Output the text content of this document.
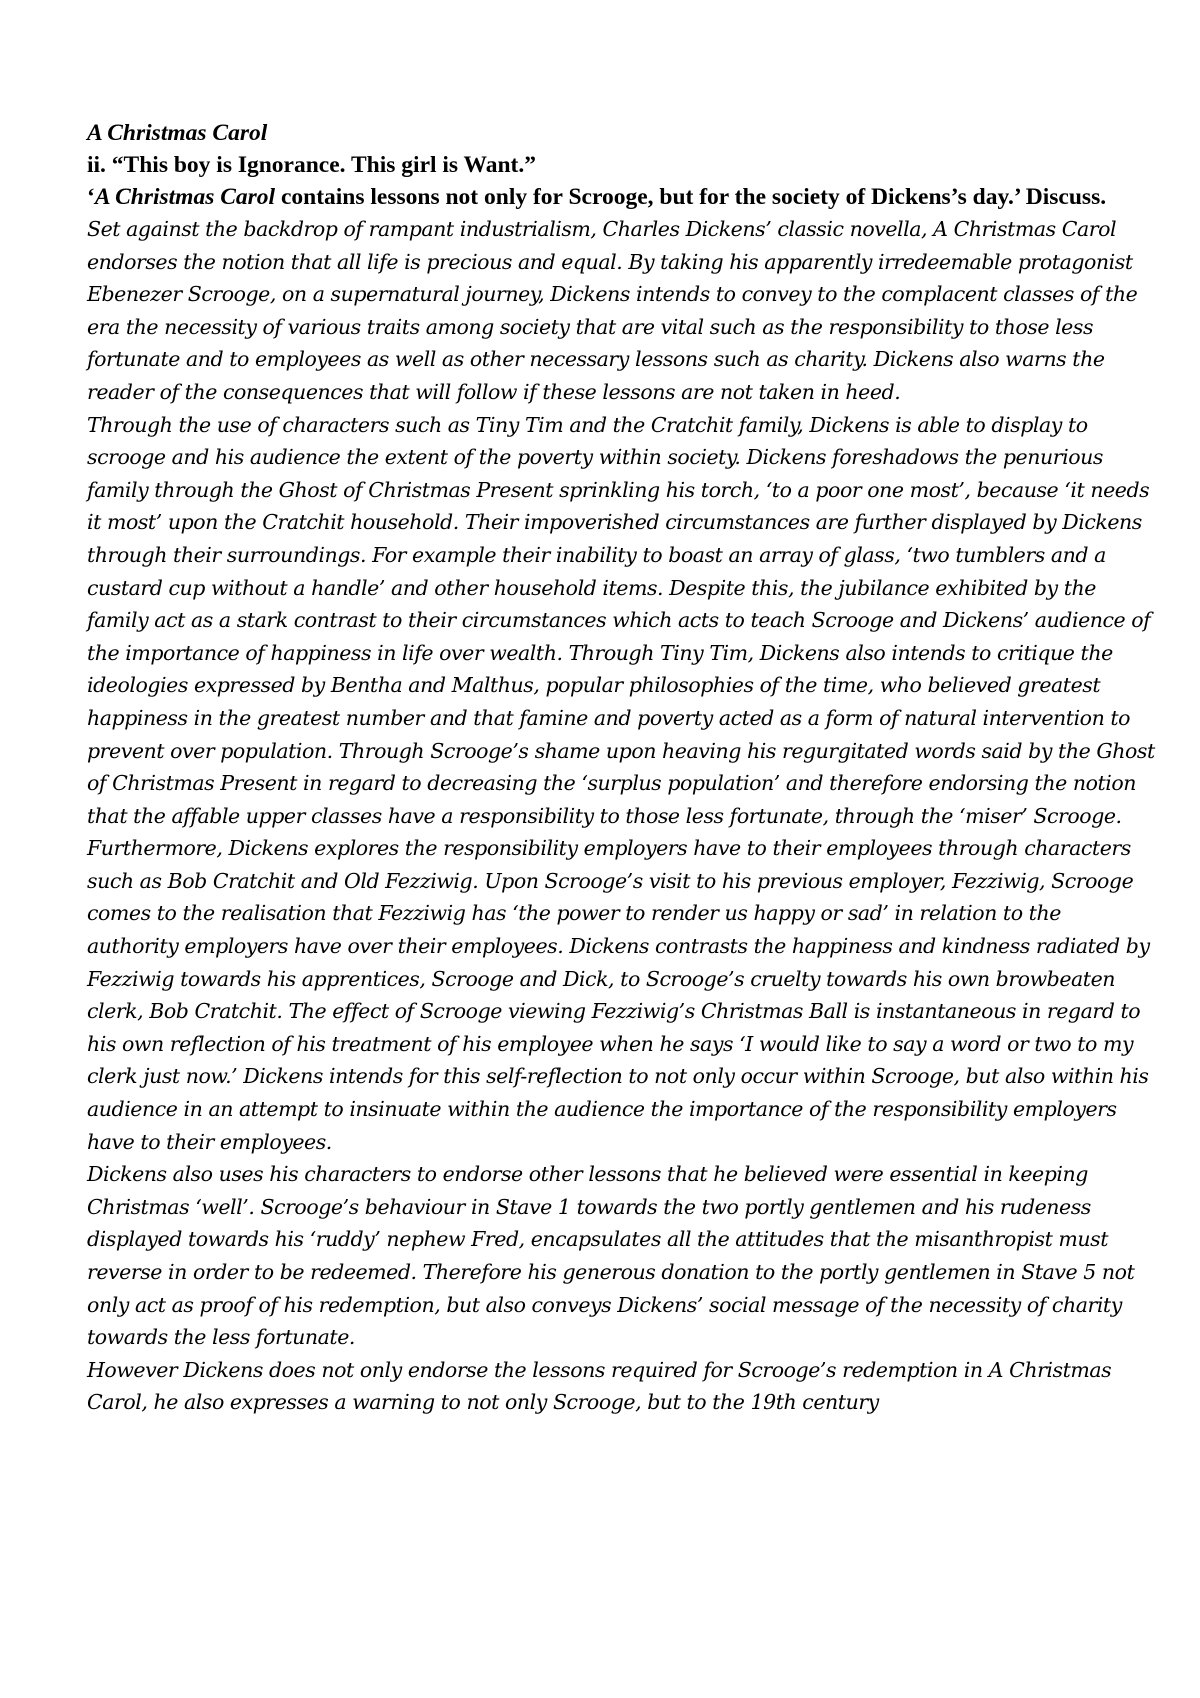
A Christmas Carol

ii. “This boy is Ignorance. This girl is Want.”

‘A Christmas Carol contains lessons not only for Scrooge, but for the society of Dickens’s day.’ Discuss.

Set against the backdrop of rampant industrialism, Charles Dickens’ classic novella, A Christmas Carol endorses the notion that all life is precious and equal. By taking his apparently irredeemable protagonist Ebenezer Scrooge, on a supernatural journey, Dickens intends to convey to the complacent classes of the era the necessity of various traits among society that are vital such as the responsibility to those less fortunate and to employees as well as other necessary lessons such as charity. Dickens also warns the reader of the consequences that will follow if these lessons are not taken in heed.

Through the use of characters such as Tiny Tim and the Cratchit family, Dickens is able to display to scrooge and his audience the extent of the poverty within society. Dickens foreshadows the penurious family through the Ghost of Christmas Present sprinkling his torch, ‘to a poor one most’, because ‘it needs it most’ upon the Cratchit household. Their impoverished circumstances are further displayed by Dickens through their surroundings. For example their inability to boast an array of glass, ‘two tumblers and a custard cup without a handle’ and other household items. Despite this, the jubilance exhibited by the family act as a stark contrast to their circumstances which acts to teach Scrooge and Dickens’ audience of the importance of happiness in life over wealth. Through Tiny Tim, Dickens also intends to critique the ideologies expressed by Bentha and Malthus, popular philosophies of the time, who believed greatest happiness in the greatest number and that famine and poverty acted as a form of natural intervention to prevent over population. Through Scrooge’s shame upon heaving his regurgitated words said by the Ghost of Christmas Present in regard to decreasing the ‘surplus population’ and therefore endorsing the notion that the affable upper classes have a responsibility to those less fortunate, through the ‘miser’ Scrooge.

Furthermore, Dickens explores the responsibility employers have to their employees through characters such as Bob Cratchit and Old Fezziwig. Upon Scrooge’s visit to his previous employer, Fezziwig, Scrooge comes to the realisation that Fezziwig has ‘the power to render us happy or sad’ in relation to the authority employers have over their employees. Dickens contrasts the happiness and kindness radiated by Fezziwig towards his apprentices, Scrooge and Dick, to Scrooge’s cruelty towards his own browbeaten clerk, Bob Cratchit. The effect of Scrooge viewing Fezziwig’s Christmas Ball is instantaneous in regard to his own reflection of his treatment of his employee when he says ‘I would like to say a word or two to my clerk just now.’ Dickens intends for this self-reflection to not only occur within Scrooge, but also within his audience in an attempt to insinuate within the audience the importance of the responsibility employers have to their employees.

Dickens also uses his characters to endorse other lessons that he believed were essential in keeping Christmas ‘well’. Scrooge’s behaviour in Stave 1 towards the two portly gentlemen and his rudeness displayed towards his ‘ruddy’ nephew Fred, encapsulates all the attitudes that the misanthropist must reverse in order to be redeemed. Therefore his generous donation to the portly gentlemen in Stave 5 not only act as proof of his redemption, but also conveys Dickens’ social message of the necessity of charity towards the less fortunate.

However Dickens does not only endorse the lessons required for Scrooge’s redemption in A Christmas Carol, he also expresses a warning to not only Scrooge, but to the 19th century
